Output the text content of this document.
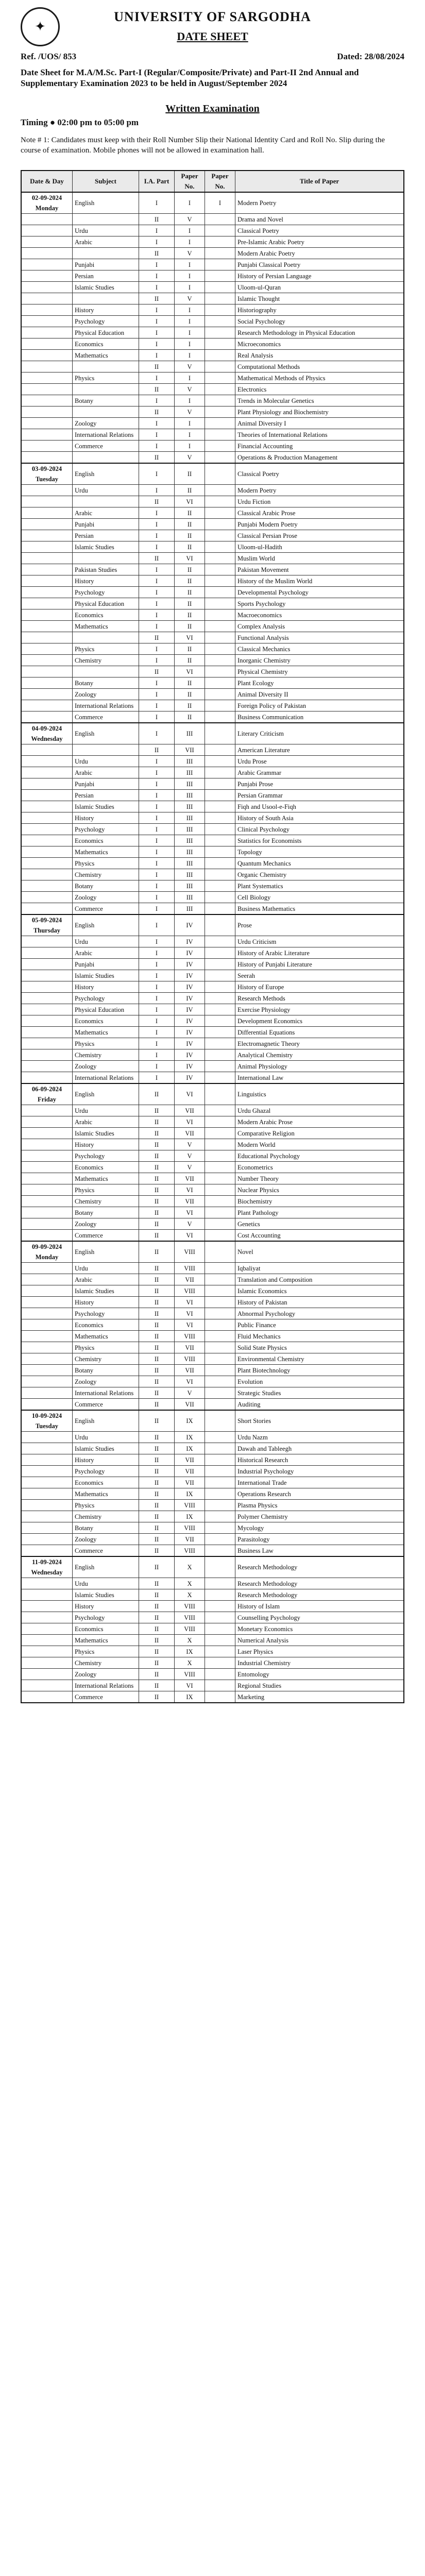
✦
UNIVERSITY OF SARGODHA
DATE SHEET
Ref. /UOS/ 853	Dated: 28/08/2024
Date Sheet for M.A/M.Sc. Part-I (Regular/Composite/Private) and Part-II 2nd Annual and Supplementary Examination 2023 to be held in August/September 2024
Written Examination
Timing ● 02:00 pm to 05:00 pm
Note # 1: Candidates must keep with their Roll Number Slip their National Identity Card and Roll No. Slip during the course of examination. Mobile phones will not be allowed in examination hall.
Date & Day	Subject	I.A. Part	Paper No.	Paper No.	Title of Paper
02-09-2024 Monday	English	I	I	I	Modern Poetry
		II	V		Drama and Novel
	Urdu	I	I		Classical Poetry
	Arabic	I	I		Pre-Islamic Arabic Poetry
		II	V		Modern Arabic Poetry
	Punjabi	I	I		Punjabi Classical Poetry
	Persian	I	I		History of Persian Language
	Islamic Studies	I	I		Uloom-ul-Quran
		II	V		Islamic Thought
	History	I	I		Historiography
	Psychology	I	I		Social Psychology
	Physical Education	I	I		Research Methodology in Physical Education
	Economics	I	I		Microeconomics
	Mathematics	I	I		Real Analysis
		II	V		Computational Methods
	Physics	I	I		Mathematical Methods of Physics
		II	V		Electronics
	Botany	I	I		Trends in Molecular Genetics
		II	V		Plant Physiology and Biochemistry
	Zoology	I	I		Animal Diversity I
	International Relations	I	I		Theories of International Relations
	Commerce	I	I		Financial Accounting
		II	V		Operations & Production Management
03-09-2024 Tuesday	English	I	II		Classical Poetry
	Urdu	I	II		Modern Poetry
		II	VI		Urdu Fiction
	Arabic	I	II		Classical Arabic Prose
	Punjabi	I	II		Punjabi Modern Poetry
	Persian	I	II		Classical Persian Prose
	Islamic Studies	I	II		Uloom-ul-Hadith
		II	VI		Muslim World
	Pakistan Studies	I	II		Pakistan Movement
	History	I	II		History of the Muslim World
	Psychology	I	II		Developmental Psychology
	Physical Education	I	II		Sports Psychology
	Economics	I	II		Macroeconomics
	Mathematics	I	II		Complex Analysis
		II	VI		Functional Analysis
	Physics	I	II		Classical Mechanics
	Chemistry	I	II		Inorganic Chemistry
		II	VI		Physical Chemistry
	Botany	I	II		Plant Ecology
	Zoology	I	II		Animal Diversity II
	International Relations	I	II		Foreign Policy of Pakistan
	Commerce	I	II		Business Communication
04-09-2024 Wednesday	English	I	III		Literary Criticism
		II	VII		American Literature
	Urdu	I	III		Urdu Prose
	Arabic	I	III		Arabic Grammar
	Punjabi	I	III		Punjabi Prose
	Persian	I	III		Persian Grammar
	Islamic Studies	I	III		Fiqh and Usool-e-Fiqh
	History	I	III		History of South Asia
	Psychology	I	III		Clinical Psychology
	Economics	I	III		Statistics for Economists
	Mathematics	I	III		Topology
	Physics	I	III		Quantum Mechanics
	Chemistry	I	III		Organic Chemistry
	Botany	I	III		Plant Systematics
	Zoology	I	III		Cell Biology
	Commerce	I	III		Business Mathematics
05-09-2024 Thursday	English	I	IV		Prose
	Urdu	I	IV		Urdu Criticism
	Arabic	I	IV		History of Arabic Literature
	Punjabi	I	IV		History of Punjabi Literature
	Islamic Studies	I	IV		Seerah
	History	I	IV		History of Europe
	Psychology	I	IV		Research Methods
	Physical Education	I	IV		Exercise Physiology
	Economics	I	IV		Development Economics
	Mathematics	I	IV		Differential Equations
	Physics	I	IV		Electromagnetic Theory
	Chemistry	I	IV		Analytical Chemistry
	Zoology	I	IV		Animal Physiology
	International Relations	I	IV		International Law
06-09-2024 Friday	English	II	VI		Linguistics
	Urdu	II	VII		Urdu Ghazal
	Arabic	II	VI		Modern Arabic Prose
	Islamic Studies	II	VII		Comparative Religion
	History	II	V		Modern World
	Psychology	II	V		Educational Psychology
	Economics	II	V		Econometrics
	Mathematics	II	VII		Number Theory
	Physics	II	VI		Nuclear Physics
	Chemistry	II	VII		Biochemistry
	Botany	II	VI		Plant Pathology
	Zoology	II	V		Genetics
	Commerce	II	VI		Cost Accounting
09-09-2024 Monday	English	II	VIII		Novel
	Urdu	II	VIII		Iqbaliyat
	Arabic	II	VII		Translation and Composition
	Islamic Studies	II	VIII		Islamic Economics
	History	II	VI		History of Pakistan
	Psychology	II	VI		Abnormal Psychology
	Economics	II	VI		Public Finance
	Mathematics	II	VIII		Fluid Mechanics
	Physics	II	VII		Solid State Physics
	Chemistry	II	VIII		Environmental Chemistry
	Botany	II	VII		Plant Biotechnology
	Zoology	II	VI		Evolution
	International Relations	II	V		Strategic Studies
	Commerce	II	VII		Auditing
10-09-2024 Tuesday	English	II	IX		Short Stories
	Urdu	II	IX		Urdu Nazm
	Islamic Studies	II	IX		Dawah and Tableegh
	History	II	VII		Historical Research
	Psychology	II	VII		Industrial Psychology
	Economics	II	VII		International Trade
	Mathematics	II	IX		Operations Research
	Physics	II	VIII		Plasma Physics
	Chemistry	II	IX		Polymer Chemistry
	Botany	II	VIII		Mycology
	Zoology	II	VII		Parasitology
	Commerce	II	VIII		Business Law
11-09-2024 Wednesday	English	II	X		Research Methodology
	Urdu	II	X		Research Methodology
	Islamic Studies	II	X		Research Methodology
	History	II	VIII		History of Islam
	Psychology	II	VIII		Counselling Psychology
	Economics	II	VIII		Monetary Economics
	Mathematics	II	X		Numerical Analysis
	Physics	II	IX		Laser Physics
	Chemistry	II	X		Industrial Chemistry
	Zoology	II	VIII		Entomology
	International Relations	II	VI		Regional Studies
	Commerce	II	IX		Marketing
